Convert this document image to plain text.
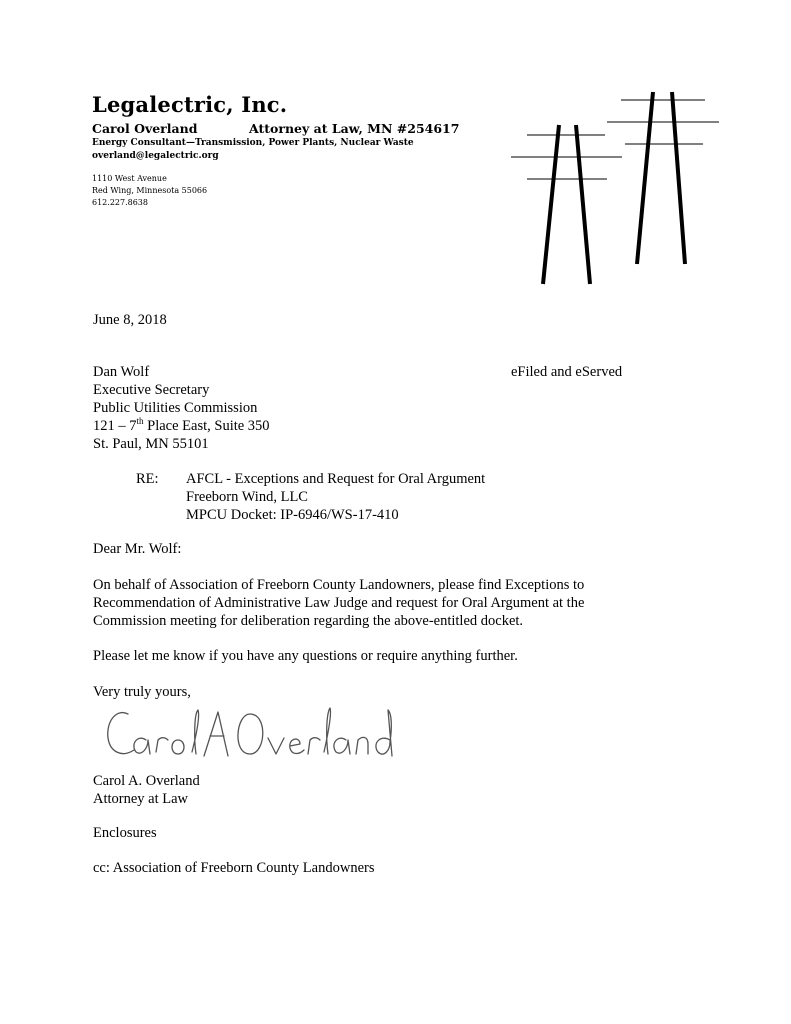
Legalectric, Inc.
Carol Overland	Attorney at Law, MN #254617
Energy Consultant—Transmission, Power Plants, Nuclear Waste
overland@legalectric.org
1110 West Avenue
Red Wing, Minnesota 55066
612.227.8638
June 8, 2018
Dan Wolf	eFiled and eServed
Executive Secretary
Public Utilities Commission
121 – 7th Place East, Suite 350
St. Paul, MN 55101
RE: AFCL - Exceptions and Request for Oral Argument
Freeborn Wind, LLC
MPCU Docket: IP-6946/WS-17-410
Dear Mr. Wolf:
On behalf of Association of Freeborn County Landowners, please find Exceptions to
Recommendation of Administrative Law Judge and request for Oral Argument at the
Commission meeting for deliberation regarding the above-entitled docket.
Please let me know if you have any questions or require anything further.
Very truly yours,
Carol A. Overland
Attorney at Law
Enclosures
cc: Association of Freeborn County Landowners
